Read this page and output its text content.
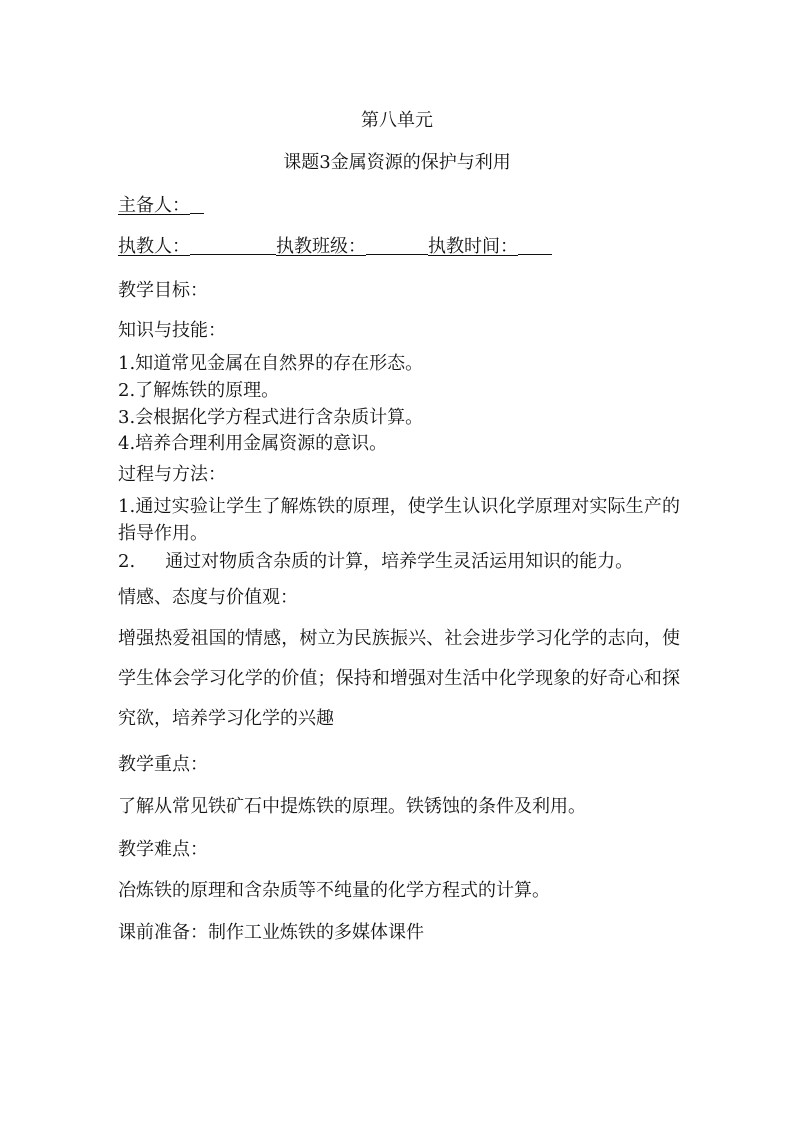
第八单元
课题3金属资源的保护与利用
主备人：
执教人：	执教班级：	执教时间：
教学目标：
知识与技能：
1.知道常见金属在自然界的存在形态。
2.了解炼铁的原理。
3.会根据化学方程式进行含杂质计算。
4.培养合理利用金属资源的意识。
过程与方法：
1.通过实验让学生了解炼铁的原理，使学生认识化学原理对实际生产的指导作用。
2. 通过对物质含杂质的计算，培养学生灵活运用知识的能力。
情感、态度与价值观：
增强热爱祖国的情感，树立为民族振兴、社会进步学习化学的志向，使学生体会学习化学的价值；保持和增强对生活中化学现象的好奇心和探究欲，培养学习化学的兴趣
教学重点：
了解从常见铁矿石中提炼铁的原理。铁锈蚀的条件及利用。
教学难点：
冶炼铁的原理和含杂质等不纯量的化学方程式的计算。
课前准备：制作工业炼铁的多媒体课件
